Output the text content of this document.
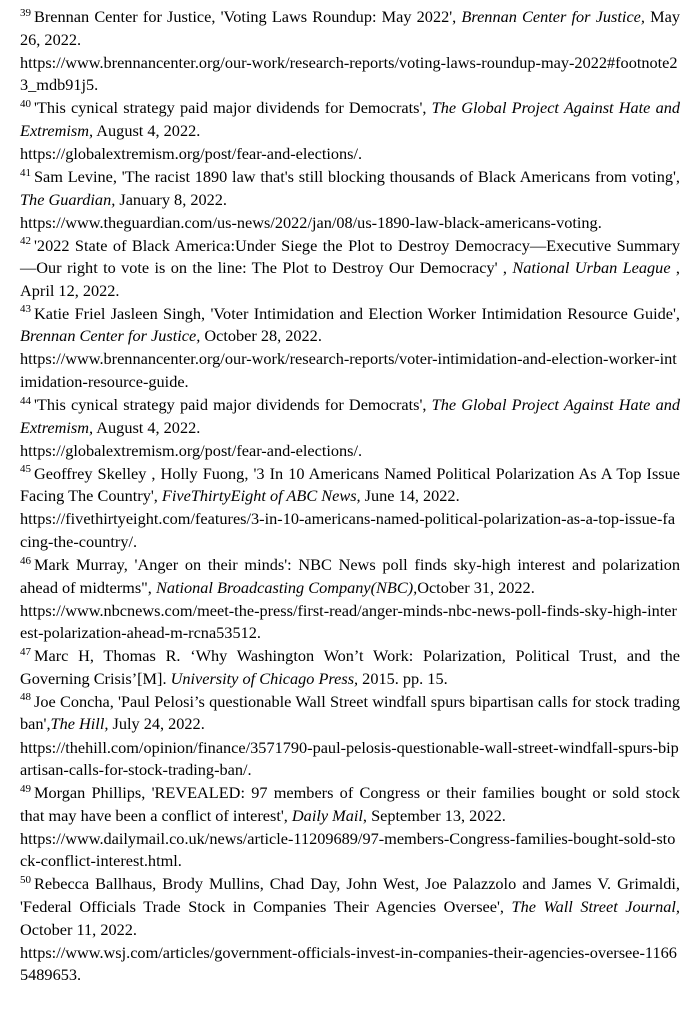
$^{39}$ Brennan Center for Justice, 'Voting Laws Roundup: May 2022', Brennan Center for Justice, May 26, 2022.

https://www.brennancenter.org/our-work/research-reports/voting-laws-roundup-may-2022#footnote23_mdb91j5.

$^{40}$ 'This cynical strategy paid major dividends for Democrats', The Global Project Against Hate and Extremism, August 4, 2022.

https://globalextremism.org/post/fear-and-elections/.

$^{41}$ Sam Levine, 'The racist 1890 law that's still blocking thousands of Black Americans from voting', The Guardian, January 8, 2022.

https://www.theguardian.com/us-news/2022/jan/08/us-1890-law-black-americans-voting.

$^{42}$ '2022 State of Black America:Under Siege the Plot to Destroy Democracy—Executive Summary—Our right to vote is on the line: The Plot to Destroy Our Democracy' , National Urban League , April 12, 2022.

$^{43}$ Katie Friel Jasleen Singh, 'Voter Intimidation and Election Worker Intimidation Resource Guide', Brennan Center for Justice, October 28, 2022.

https://www.brennancenter.org/our-work/research-reports/voter-intimidation-and-election-worker-intimidation-resource-guide.

$^{44}$ 'This cynical strategy paid major dividends for Democrats', The Global Project Against Hate and Extremism, August 4, 2022.

https://globalextremism.org/post/fear-and-elections/.

$^{45}$ Geoffrey Skelley , Holly Fuong, '3 In 10 Americans Named Political Polarization As A Top Issue Facing The Country', FiveThirtyEight of ABC News, June 14, 2022.

https://fivethirtyeight.com/features/3-in-10-americans-named-political-polarization-as-a-top-issue-facing-the-country/.

$^{46}$ Mark Murray, 'Anger on their minds': NBC News poll finds sky-high interest and polarization ahead of midterms", National Broadcasting Company(NBC),October 31, 2022.

https://www.nbcnews.com/meet-the-press/first-read/anger-minds-nbc-news-poll-finds-sky-high-interest-polarization-ahead-m-rcna53512.

$^{47}$ Marc H, Thomas R. ‘Why Washington Won’t Work: Polarization, Political Trust, and the Governing Crisis’[M]. University of Chicago Press, 2015. pp. 15.

$^{48}$ Joe Concha, 'Paul Pelosi’s questionable Wall Street windfall spurs bipartisan calls for stock trading ban',The Hill, July 24, 2022.

https://thehill.com/opinion/finance/3571790-paul-pelosis-questionable-wall-street-windfall-spurs-bipartisan-calls-for-stock-trading-ban/.

$^{49}$ Morgan Phillips, 'REVEALED: 97 members of Congress or their families bought or sold stock that may have been a conflict of interest', Daily Mail, September 13, 2022.

https://www.dailymail.co.uk/news/article-11209689/97-members-Congress-families-bought-sold-stock-conflict-interest.html.

$^{50}$ Rebecca Ballhaus, Brody Mullins, Chad Day, John West, Joe Palazzolo and James V. Grimaldi, 'Federal Officials Trade Stock in Companies Their Agencies Oversee', The Wall Street Journal, October 11, 2022.

https://www.wsj.com/articles/government-officials-invest-in-companies-their-agencies-oversee-11665489653.
